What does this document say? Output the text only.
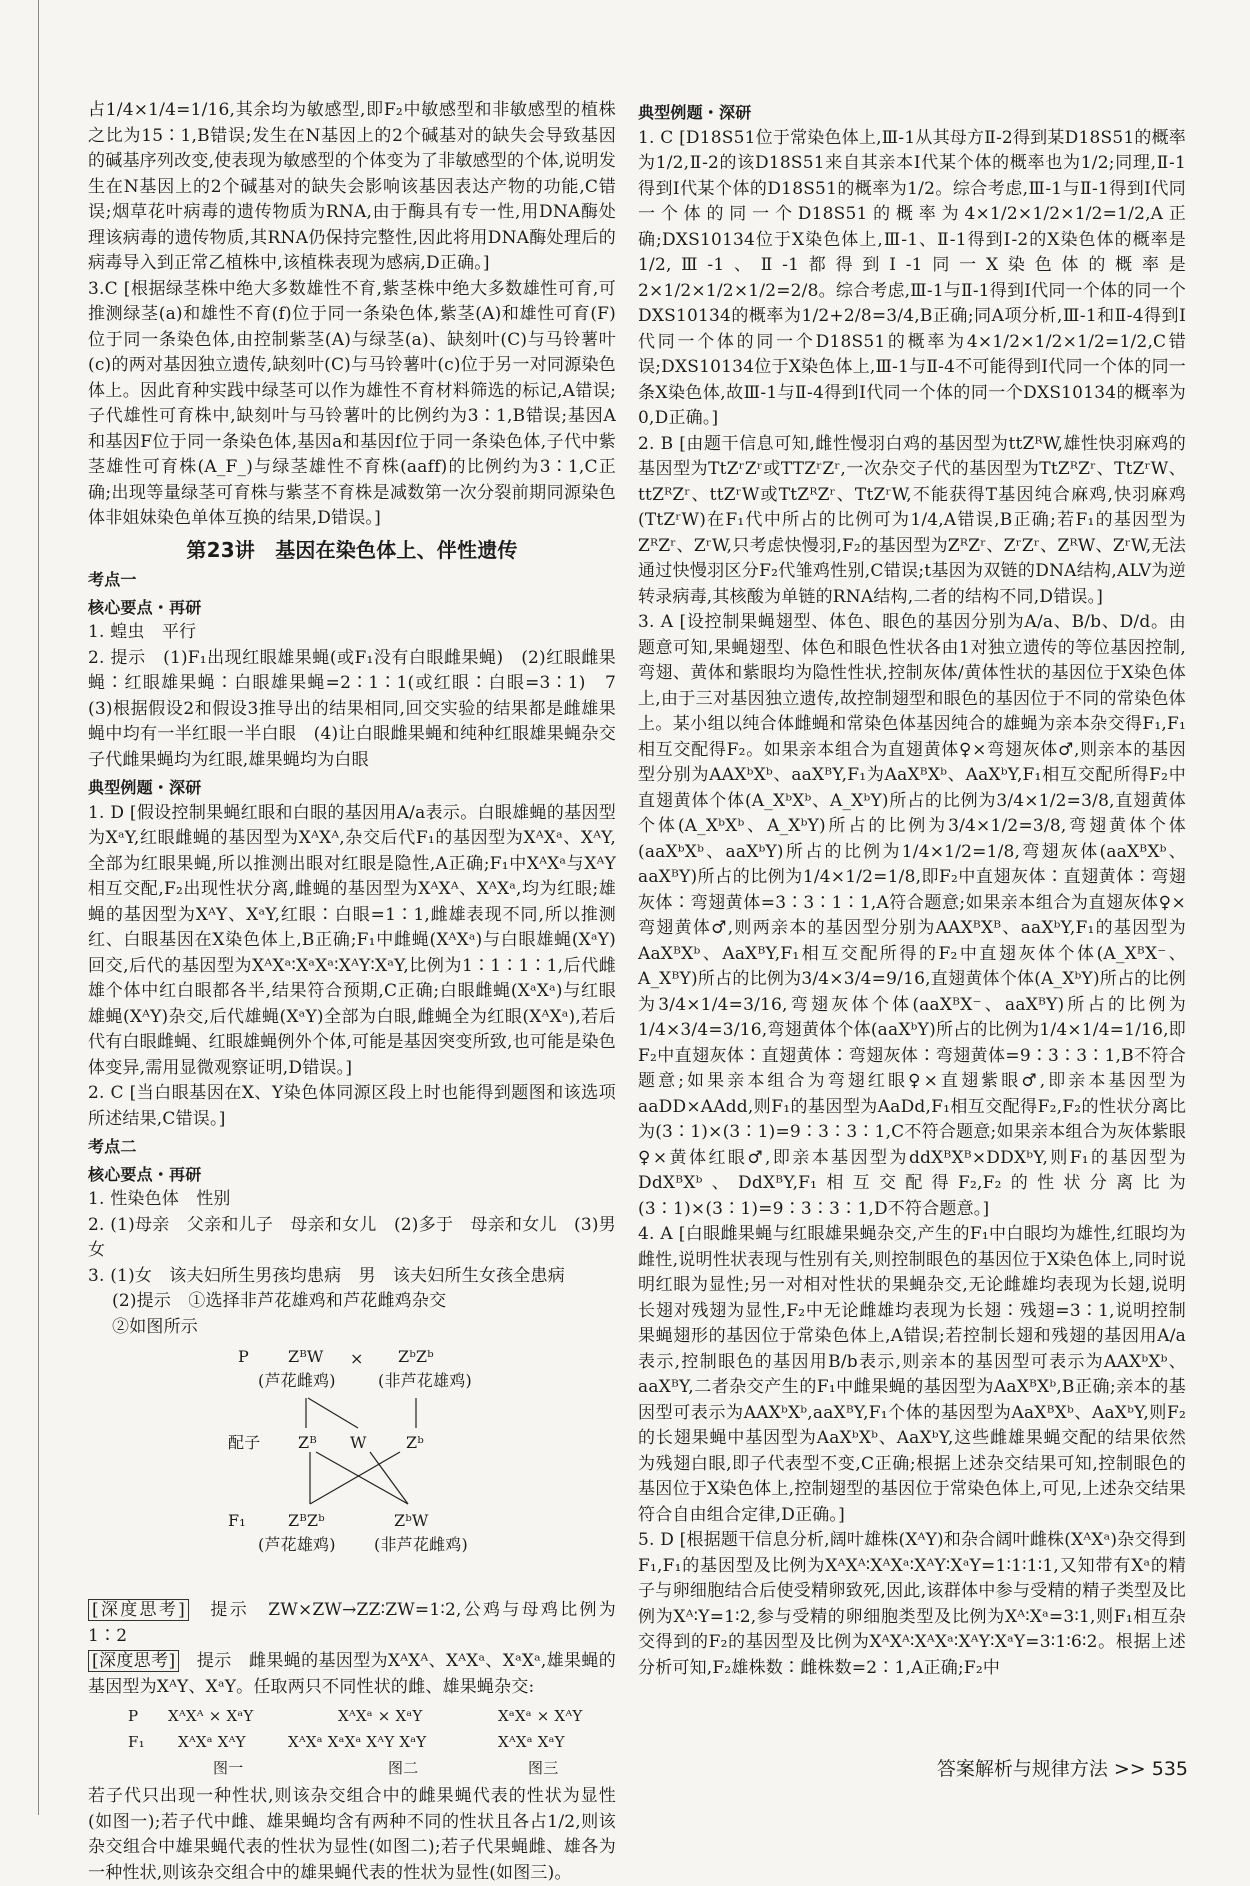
占1/4×1/4=1/16,其余均为敏感型,即F₂中敏感型和非敏感型的植株之比为15∶1,B错误;发生在N基因上的2个碱基对的缺失会导致基因的碱基序列改变,使表现为敏感型的个体变为了非敏感型的个体,说明发生在N基因上的2个碱基对的缺失会影响该基因表达产物的功能,C错误;烟草花叶病毒的遗传物质为RNA,由于酶具有专一性,用DNA酶处理该病毒的遗传物质,其RNA仍保持完整性,因此将用DNA酶处理后的病毒导入到正常乙植株中,该植株表现为感病,D正确。]

3.C [根据绿茎株中绝大多数雄性不育,紫茎株中绝大多数雄性可育,可推测绿茎(a)和雄性不育(f)位于同一条染色体,紫茎(A)和雄性可育(F)位于同一条染色体,由控制紫茎(A)与绿茎(a)、缺刻叶(C)与马铃薯叶(c)的两对基因独立遗传,缺刻叶(C)与马铃薯叶(c)位于另一对同源染色体上。因此育种实践中绿茎可以作为雄性不育材料筛选的标记,A错误;子代雄性可育株中,缺刻叶与马铃薯叶的比例约为3∶1,B错误;基因A和基因F位于同一条染色体,基因a和基因f位于同一条染色体,子代中紫茎雄性可育株(A_F_)与绿茎雄性不育株(aaff)的比例约为3∶1,C正确;出现等量绿茎可育株与紫茎不育株是减数第一次分裂前期同源染色体非姐妹染色单体互换的结果,D错误。]

第23讲　基因在染色体上、伴性遗传
考点一
核心要点・再研

1. 蝗虫　平行

2. 提示　(1)F₁出现红眼雄果蝇(或F₁没有白眼雌果蝇)　(2)红眼雌果蝇∶红眼雄果蝇∶白眼雄果蝇=2∶1∶1(或红眼∶白眼=3∶1)　7　(3)根据假设2和假设3推导出的结果相同,回交实验的结果都是雌雄果蝇中均有一半红眼一半白眼　(4)让白眼雌果蝇和纯种红眼雄果蝇杂交　子代雌果蝇均为红眼,雄果蝇均为白眼

典型例题・深研

1. D [假设控制果蝇红眼和白眼的基因用A/a表示。白眼雄蝇的基因型为XᵃY,红眼雌蝇的基因型为XᴬXᴬ,杂交后代F₁的基因型为XᴬXᵃ、XᴬY,全部为红眼果蝇,所以推测出眼对红眼是隐性,A正确;F₁中XᴬXᵃ与XᴬY相互交配,F₂出现性状分离,雌蝇的基因型为XᴬXᴬ、XᴬXᵃ,均为红眼;雄蝇的基因型为XᴬY、XᵃY,红眼∶白眼=1∶1,雌雄表现不同,所以推测红、白眼基因在X染色体上,B正确;F₁中雌蝇(XᴬXᵃ)与白眼雄蝇(XᵃY)回交,后代的基因型为XᴬXᵃ∶XᵃXᵃ∶XᴬY∶XᵃY,比例为1∶1∶1∶1,后代雌雄个体中红白眼都各半,结果符合预期,C正确;白眼雌蝇(XᵃXᵃ)与红眼雄蝇(XᴬY)杂交,后代雄蝇(XᵃY)全部为白眼,雌蝇全为红眼(XᴬXᵃ),若后代有白眼雌蝇、红眼雄蝇例外个体,可能是基因突变所致,也可能是染色体变异,需用显微观察证明,D错误。]

2. C [当白眼基因在X、Y染色体同源区段上时也能得到题图和该选项所述结果,C错误。]

考点二
核心要点・再研

1. 性染色体　性别

2. (1)母亲　父亲和儿子　母亲和女儿　(2)多于　母亲和女儿　(3)男　女

3. (1)女　该夫妇所生男孩均患病　男　该夫妇所生女孩全患病

(2)提示　①选择非芦花雄鸡和芦花雌鸡杂交

②如图所示

P ZᴮW × ZᵇZᵇ
(芦花雌鸡)	(非芦花雄鸡)
配子 Zᴮ W Zᵇ
F₁	ZᴮZᵇ	ZᵇW
(芦花雄鸡) (非芦花雌鸡)

[深度思考]　 提示　ZW×ZW→ZZ∶ZW=1∶2,公鸡与母鸡比例为1∶2

[深度思考]　 提示　雌果蝇的基因型为XᴬXᴬ、XᴬXᵃ、XᵃXᵃ,雄果蝇的基因型为XᴬY、XᵃY。任取两只不同性状的雌、雄果蝇杂交:

P XᴬXᴬ × XᵃY	XᴬXᵃ × XᵃY	XᵃXᵃ × XᴬY
F₁ XᴬXᵃ XᴬY	XᴬXᵃ XᵃXᵃ XᴬY XᵃY	XᴬXᵃ XᵃY
图一	图二	图三

若子代只出现一种性状,则该杂交组合中的雌果蝇代表的性状为显性(如图一);若子代中雌、雄果蝇均含有两种不同的性状且各占1/2,则该杂交组合中雄果蝇代表的性状为显性(如图二);若子代果蝇雌、雄各为一种性状,则该杂交组合中的雄果蝇代表的性状为显性(如图三)。

典型例题・深研

1. C [D18S51位于常染色体上,Ⅲ-1从其母方Ⅱ-2得到某D18S51的概率为1/2,Ⅱ-2的该D18S51来自其亲本Ⅰ代某个体的概率也为1/2;同理,Ⅱ-1得到Ⅰ代某个体的D18S51的概率为1/2。综合考虑,Ⅲ-1与Ⅱ-1得到Ⅰ代同一个体的同一个D18S51的概率为4×1/2×1/2×1/2=1/2,A正确;DXS10134位于X染色体上,Ⅲ-1、Ⅱ-1得到Ⅰ-2的X染色体的概率是1/2,Ⅲ-1、Ⅱ-1都得到Ⅰ-1同一X染色体的概率是2×1/2×1/2×1/2=2/8。综合考虑,Ⅲ-1与Ⅱ-1得到Ⅰ代同一个体的同一个DXS10134的概率为1/2+2/8=3/4,B正确;同A项分析,Ⅲ-1和Ⅱ-4得到Ⅰ代同一个体的同一个D18S51的概率为4×1/2×1/2×1/2=1/2,C错误;DXS10134位于X染色体上,Ⅲ-1与Ⅱ-4不可能得到Ⅰ代同一个体的同一条X染色体,故Ⅲ-1与Ⅱ-4得到Ⅰ代同一个体的同一个DXS10134的概率为0,D正确。]

2. B [由题干信息可知,雌性慢羽白鸡的基因型为ttZᴿW,雄性快羽麻鸡的基因型为TtZʳZʳ或TTZʳZʳ,一次杂交子代的基因型为TtZᴿZʳ、TtZʳW、ttZᴿZʳ、ttZʳW或TtZᴿZʳ、TtZʳW,不能获得T基因纯合麻鸡,快羽麻鸡(TtZʳW)在F₁代中所占的比例可为1/4,A错误,B正确;若F₁的基因型为ZᴿZʳ、ZʳW,只考虑快慢羽,F₂的基因型为ZᴿZʳ、ZʳZʳ、ZᴿW、ZʳW,无法通过快慢羽区分F₂代雏鸡性别,C错误;t基因为双链的DNA结构,ALV为逆转录病毒,其核酸为单链的RNA结构,二者的结构不同,D错误。]

3. A [设控制果蝇翅型、体色、眼色的基因分别为A/a、B/b、D/d。由题意可知,果蝇翅型、体色和眼色性状各由1对独立遗传的等位基因控制,弯翅、黄体和紫眼均为隐性性状,控制灰体/黄体性状的基因位于X染色体上,由于三对基因独立遗传,故控制翅型和眼色的基因位于不同的常染色体上。某小组以纯合体雌蝇和常染色体基因纯合的雄蝇为亲本杂交得F₁,F₁相互交配得F₂。如果亲本组合为直翅黄体♀×弯翅灰体♂,则亲本的基因型分别为AAXᵇXᵇ、aaXᴮY,F₁为AaXᴮXᵇ、AaXᵇY,F₁相互交配所得F₂中直翅黄体个体(A_XᵇXᵇ、A_XᵇY)所占的比例为3/4×1/2=3/8,直翅黄体个体(A_XᵇXᵇ、A_XᵇY)所占的比例为3/4×1/2=3/8,弯翅黄体个体(aaXᵇXᵇ、aaXᵇY)所占的比例为1/4×1/2=1/8,弯翅灰体(aaXᴮXᵇ、aaXᴮY)所占的比例为1/4×1/2=1/8,即F₂中直翅灰体∶直翅黄体∶弯翅灰体∶弯翅黄体=3∶3∶1∶1,A符合题意;如果亲本组合为直翅灰体♀×弯翅黄体♂,则两亲本的基因型分别为AAXᴮXᴮ、aaXᵇY,F₁的基因型为AaXᴮXᵇ、AaXᴮY,F₁相互交配所得的F₂中直翅灰体个体(A_XᴮX⁻、A_XᴮY)所占的比例为3/4×3/4=9/16,直翅黄体个体(A_XᵇY)所占的比例为3/4×1/4=3/16,弯翅灰体个体(aaXᴮX⁻、aaXᴮY)所占的比例为1/4×3/4=3/16,弯翅黄体个体(aaXᵇY)所占的比例为1/4×1/4=1/16,即F₂中直翅灰体∶直翅黄体∶弯翅灰体∶弯翅黄体=9∶3∶3∶1,B不符合题意;如果亲本组合为弯翅红眼♀×直翅紫眼♂,即亲本基因型为aaDD×AAdd,则F₁的基因型为AaDd,F₁相互交配得F₂,F₂的性状分离比为(3∶1)×(3∶1)=9∶3∶3∶1,C不符合题意;如果亲本组合为灰体紫眼♀×黄体红眼♂,即亲本基因型为ddXᴮXᴮ×DDXᵇY,则F₁的基因型为DdXᴮXᵇ、DdXᴮY,F₁相互交配得F₂,F₂的性状分离比为(3∶1)×(3∶1)=9∶3∶3∶1,D不符合题意。]

4. A [白眼雌果蝇与红眼雄果蝇杂交,产生的F₁中白眼均为雄性,红眼均为雌性,说明性状表现与性别有关,则控制眼色的基因位于X染色体上,同时说明红眼为显性;另一对相对性状的果蝇杂交,无论雌雄均表现为长翅,说明长翅对残翅为显性,F₂中无论雌雄均表现为长翅∶残翅=3∶1,说明控制果蝇翅形的基因位于常染色体上,A错误;若控制长翅和残翅的基因用A/a表示,控制眼色的基因用B/b表示,则亲本的基因型可表示为AAXᵇXᵇ、aaXᴮY,二者杂交产生的F₁中雌果蝇的基因型为AaXᴮXᵇ,B正确;亲本的基因型可表示为AAXᵇXᵇ,aaXᴮY,F₁个体的基因型为AaXᴮXᵇ、AaXᵇY,则F₂的长翅果蝇中基因型为AaXᵇXᵇ、AaXᵇY,这些雌雄果蝇交配的结果依然为残翅白眼,即子代表型不变,C正确;根据上述杂交结果可知,控制眼色的基因位于X染色体上,控制翅型的基因位于常染色体上,可见,上述杂交结果符合自由组合定律,D正确。]

5. D [根据题干信息分析,阔叶雄株(XᴬY)和杂合阔叶雌株(XᴬXᵃ)杂交得到F₁,F₁的基因型及比例为XᴬXᴬ∶XᴬXᵃ∶XᴬY∶XᵃY=1∶1∶1∶1,又知带有Xᵃ的精子与卵细胞结合后使受精卵致死,因此,该群体中参与受精的精子类型及比例为Xᴬ∶Y=1∶2,参与受精的卵细胞类型及比例为Xᴬ∶Xᵃ=3∶1,则F₁相互杂交得到的F₂的基因型及比例为XᴬXᴬ∶XᴬXᵃ∶XᴬY∶XᵃY=3∶1∶6∶2。根据上述分析可知,F₂雄株数∶雌株数=2∶1,A正确;F₂中

答案解析与规律方法 >> 535
